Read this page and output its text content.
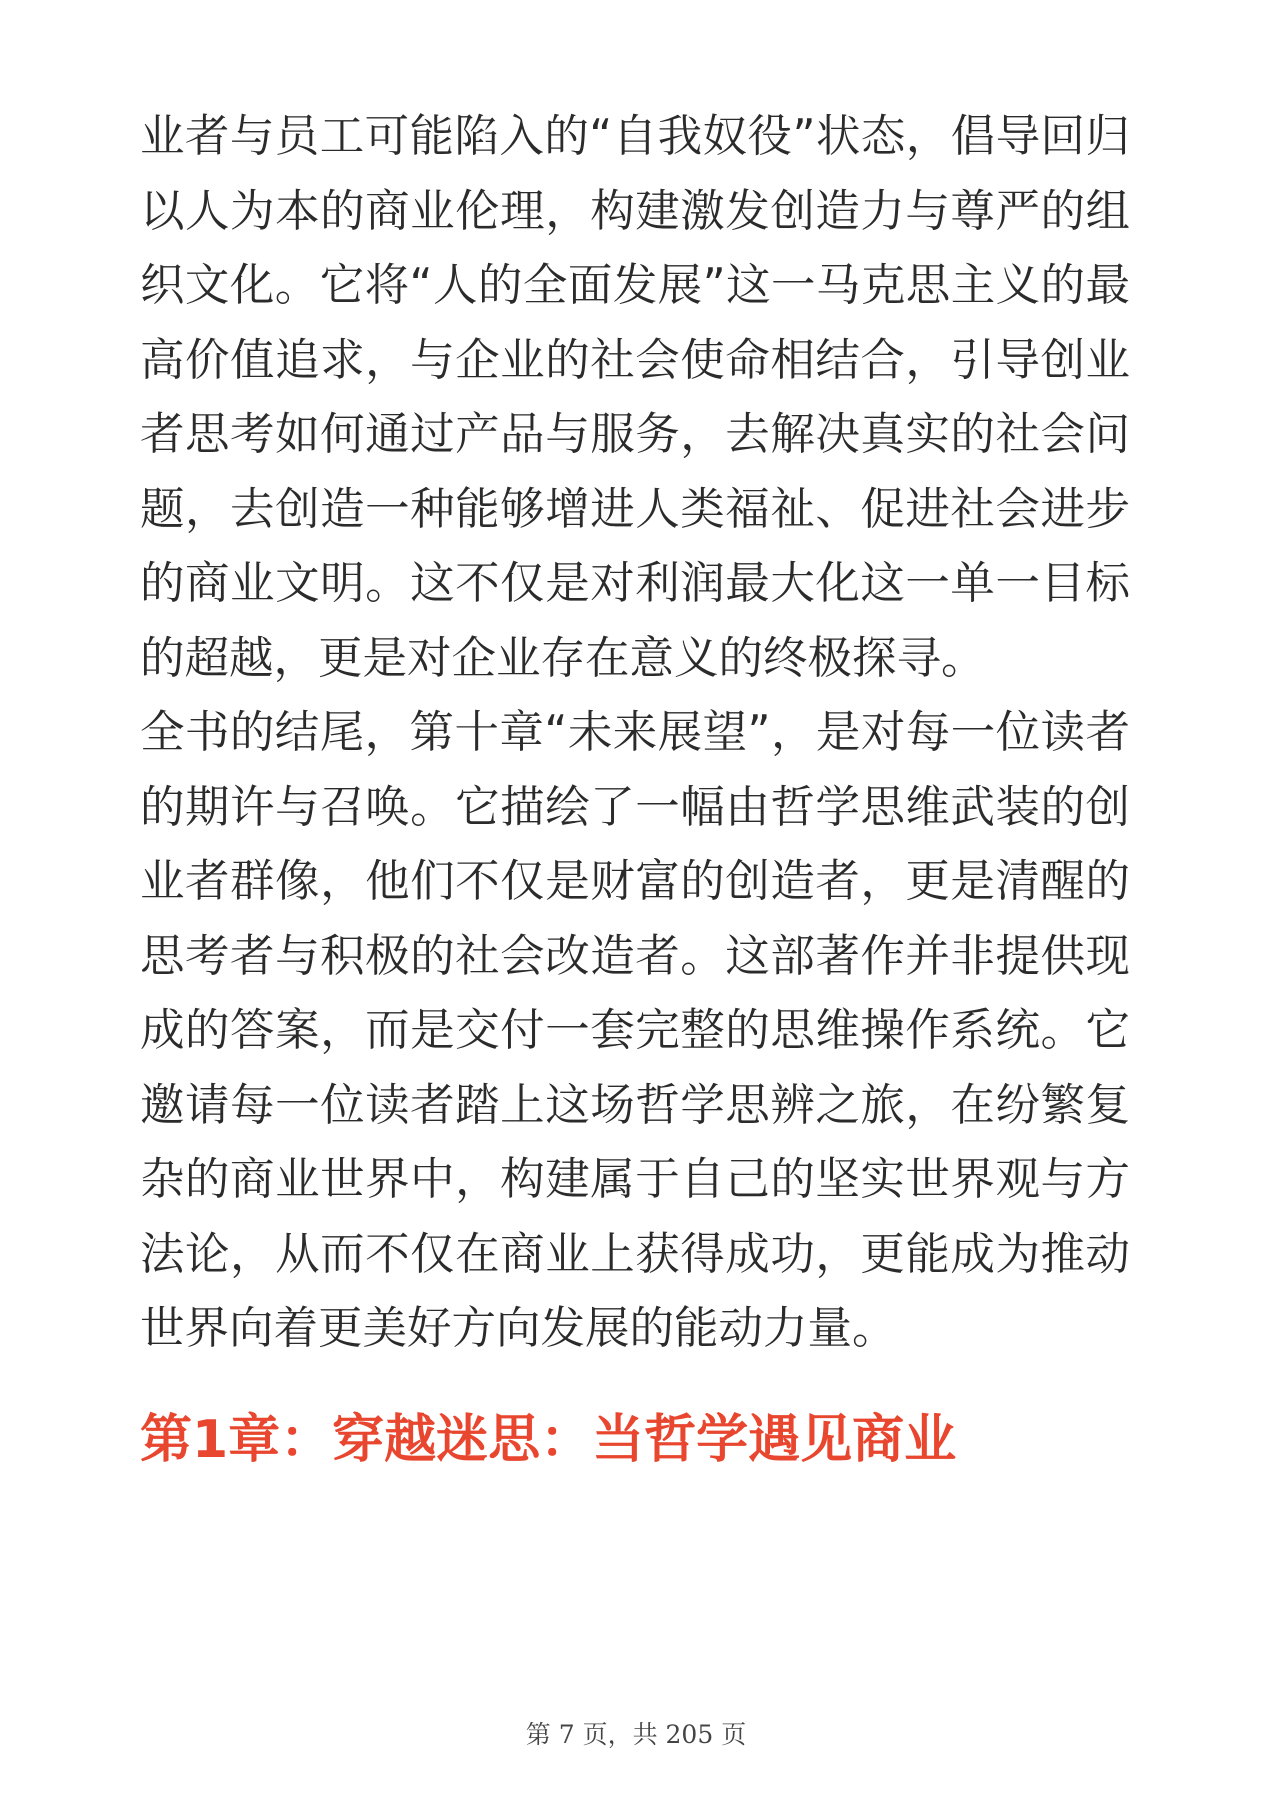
业者与员工可能陷入的“自我奴役”状态，倡导回归以人为本的商业伦理，构建激发创造力与尊严的组织文化。它将“人的全面发展”这一马克思主义的最高价值追求，与企业的社会使命相结合，引导创业者思考如何通过产品与服务，去解决真实的社会问题，去创造一种能够增进人类福祉、促进社会进步的商业文明。这不仅是对利润最大化这一单一目标的超越，更是对企业存在意义的终极探寻。

全书的结尾，第十章“未来展望”，是对每一位读者的期许与召唤。它描绘了一幅由哲学思维武装的创业者群像，他们不仅是财富的创造者，更是清醒的思考者与积极的社会改造者。这部著作并非提供现成的答案，而是交付一套完整的思维操作系统。它邀请每一位读者踏上这场哲学思辨之旅，在纷繁复杂的商业世界中，构建属于自己的坚实世界观与方法论，从而不仅在商业上获得成功，更能成为推动世界向着更美好方向发展的能动力量。

第1章：穿越迷思：当哲学遇见商业
第 7 页，共 205 页
